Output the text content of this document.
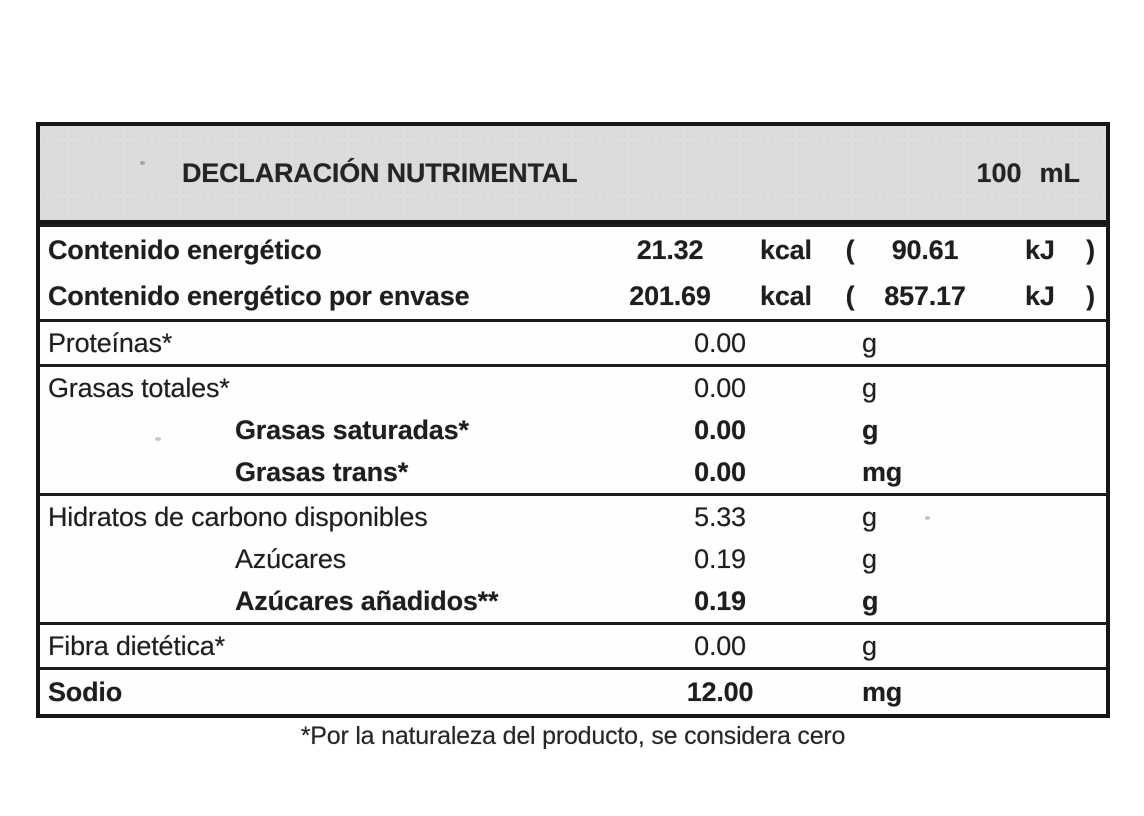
DECLARACIÓN NUTRIMENTAL	100 mL
Contenido energético	21.32	kcal	(	90.61	kJ	)
Contenido energético por envase	201.69	kcal	(	857.17	kJ	)
Proteínas*	0.00	g
Grasas totales*	0.00	g
Grasas saturadas*	0.00	g
Grasas trans*	0.00	mg
Hidratos de carbono disponibles	5.33	g
Azúcares	0.19	g
Azúcares añadidos**	0.19	g
Fibra dietética*	0.00	g
Sodio	12.00	mg
*Por la naturaleza del producto, se considera cero
